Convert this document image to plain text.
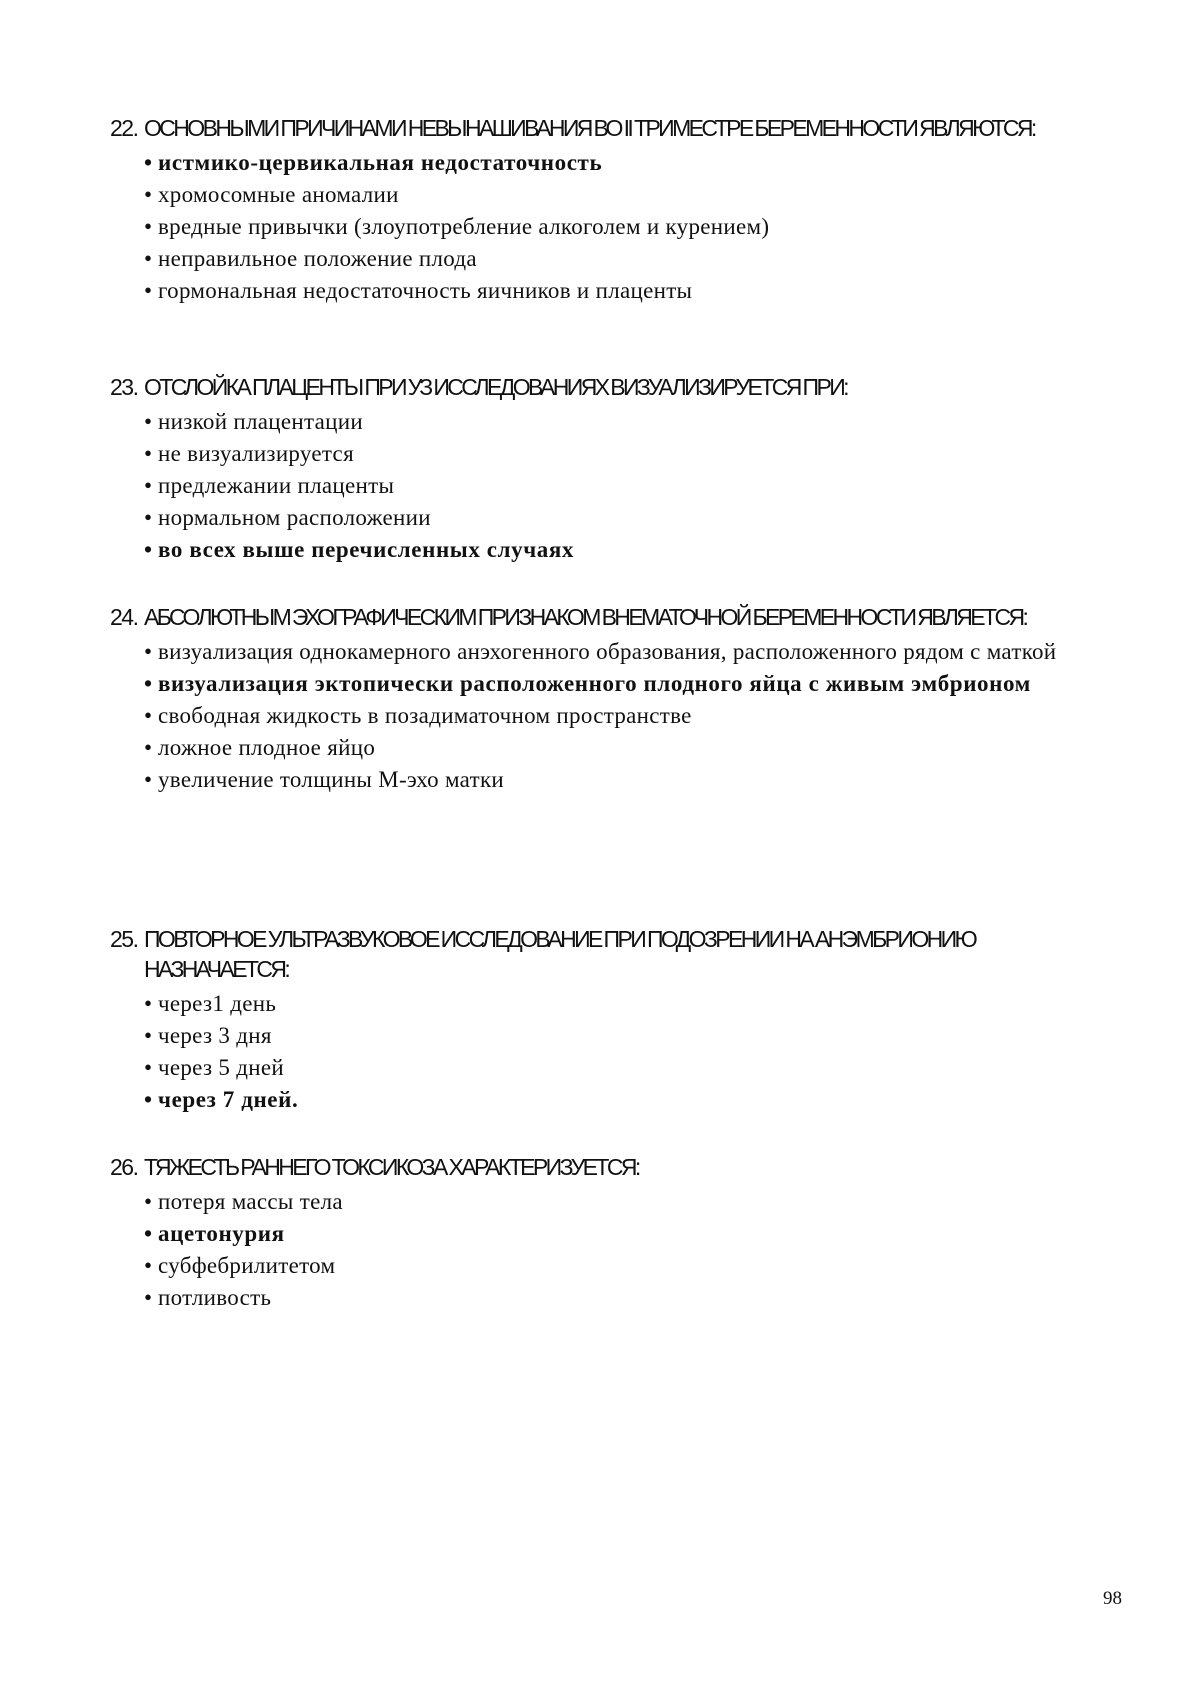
22. ОСНОВНЫМИ ПРИЧИНАМИ НЕВЫНАШИВАНИЯ ВО II ТРИМЕСТРЕ БЕРЕМЕННОСТИ ЯВЛЯЮТСЯ:
• истмико-цервикальная недостаточность
• хромосомные аномалии
• вредные привычки (злоупотребление алкоголем и курением)
• неправильное положение плода
• гормональная недостаточность яичников и плаценты
23. ОТСЛОЙКА ПЛАЦЕНТЫ ПРИ УЗ ИССЛЕДОВАНИЯХ ВИЗУАЛИЗИРУЕТСЯ ПРИ:
• низкой плацентации
• не визуализируется
• предлежании плаценты
• нормальном расположении
• во всех выше перечисленных случаях
24. АБСОЛЮТНЫМ ЭХОГРАФИЧЕСКИМ ПРИЗНАКОМ ВНЕМАТОЧНОЙ БЕРЕМЕННОСТИ ЯВЛЯЕТСЯ:
• визуализация однокамерного анэхогенного образования, расположенного рядом с маткой
• визуализация эктопически расположенного плодного яйца с живым эмбрионом
• свободная жидкость в позадиматочном пространстве
• ложное плодное яйцо
• увеличение толщины М-эхо матки
25. ПОВТОРНОЕ УЛЬТРАЗВУКОВОЕ ИССЛЕДОВАНИЕ ПРИ ПОДОЗРЕНИИ НА АНЭМБРИОНИЮ НАЗНАЧАЕТСЯ:
• через1 день
• через 3 дня
• через 5 дней
• через 7 дней.
26. ТЯЖЕСТЬ РАННЕГО ТОКСИКОЗА ХАРАКТЕРИЗУЕТСЯ:
• потеря массы тела
• ацетонурия
• субфебрилитетом
• потливость
98
